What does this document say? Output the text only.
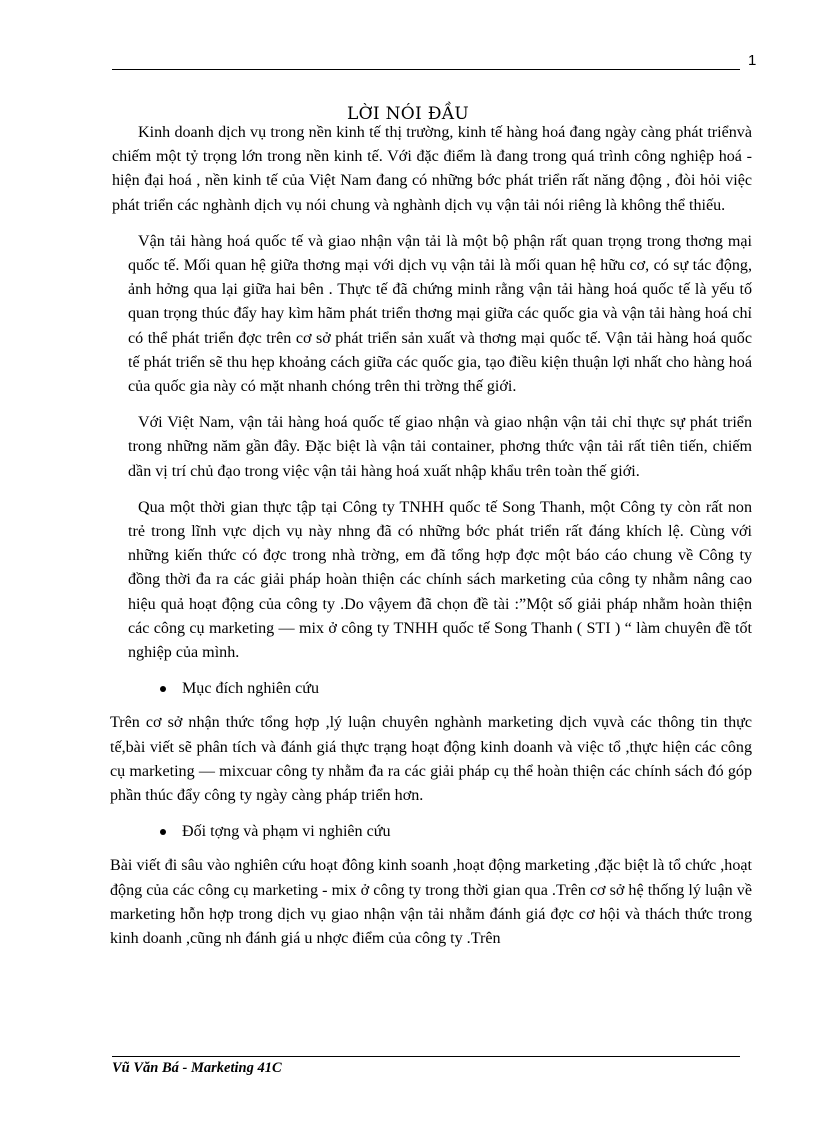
1
LỜI NÓI ĐẦU

Kinh doanh dịch vụ trong nền kinh tế thị trường, kinh tế hàng hoá đang ngày càng phát triểnvà chiếm một tỷ trọng lớn trong nền kinh tế. Với đặc điểm là đang trong quá trình công nghiệp hoá - hiện đại hoá , nền kinh tế của Việt Nam đang có những bớc phát triển rất năng động , đòi hỏi việc phát triển các nghành dịch vụ nói chung và nghành dịch vụ vận tải nói riêng là không thể thiếu.

Vận tải hàng hoá quốc tế và giao nhận vận tải là một bộ phận rất quan trọng trong thơng mại quốc tế. Mối quan hệ giữa thơng mại với dịch vụ vận tải là mối quan hệ hữu cơ, có sự tác động, ảnh hởng qua lại giữa hai bên . Thực tế đã chứng minh rằng vận tải hàng hoá quốc tế là yếu tố quan trọng thúc đẩy hay kìm hãm phát triển thơng mại giữa các quốc gia và vận tải hàng hoá chỉ có thể phát triển đợc trên cơ sở phát triển sản xuất và thơng mại quốc tế. Vận tải hàng hoá quốc tế phát triển sẽ thu hẹp khoảng cách giữa các quốc gia, tạo điều kiện thuận lợi nhất cho hàng hoá của quốc gia này có mặt nhanh chóng trên thi trờng thế giới.

Với Việt Nam, vận tải hàng hoá quốc tế giao nhận và giao nhận vận tải chỉ thực sự phát triển trong những năm gần đây. Đặc biệt là vận tải container, phơng thức vận tải rất tiên tiến, chiếm dần vị trí chủ đạo trong việc vận tải hàng hoá xuất nhập khẩu trên toàn thế giới.

Qua một thời gian thực tập tại Công ty TNHH quốc tế Song Thanh, một Công ty còn rất non trẻ trong lĩnh vực dịch vụ này nhng đã có những bớc phát triển rất đáng khích lệ. Cùng với những kiến thức có đợc trong nhà trờng, em đã tổng hợp đợc một báo cáo chung về Công ty đồng thời đa ra các giải pháp hoàn thiện các chính sách marketing của công ty nhằm nâng cao hiệu quả hoạt động của công ty .Do vậyem đã chọn đề tài :”Một số giải pháp nhằm hoàn thiện các công cụ marketing — mix ở công ty TNHH quốc tế Song Thanh ( STI ) “ làm chuyên đề tốt nghiệp của mình.

Mục đích nghiên cứu

Trên cơ sở nhận thức tổng hợp ,lý luận chuyên nghành marketing dịch vụvà các thông tin thực tế,bài viết sẽ phân tích và đánh giá thực trạng hoạt động kinh doanh và việc tổ ,thực hiện các công cụ marketing — mixcuar công ty nhằm đa ra các giải pháp cụ thể hoàn thiện các chính sách đó góp phần thúc đẩy công ty ngày càng pháp triển hơn.

Đối tợng và phạm vi nghiên cứu

Bài viết đi sâu vào nghiên cứu hoạt đông kinh soanh ,hoạt động marketing ,đặc biệt là tổ chức ,hoạt động của các công cụ marketing - mix ở công ty trong thời gian qua .Trên cơ sở hệ thống lý luận về marketing hỗn hợp trong dịch vụ giao nhận vận tải nhằm đánh giá đợc cơ hội và thách thức trong kinh doanh ,cũng nh đánh giá u nhợc điểm của công ty .Trên

Vũ Văn Bá - Marketing 41C
